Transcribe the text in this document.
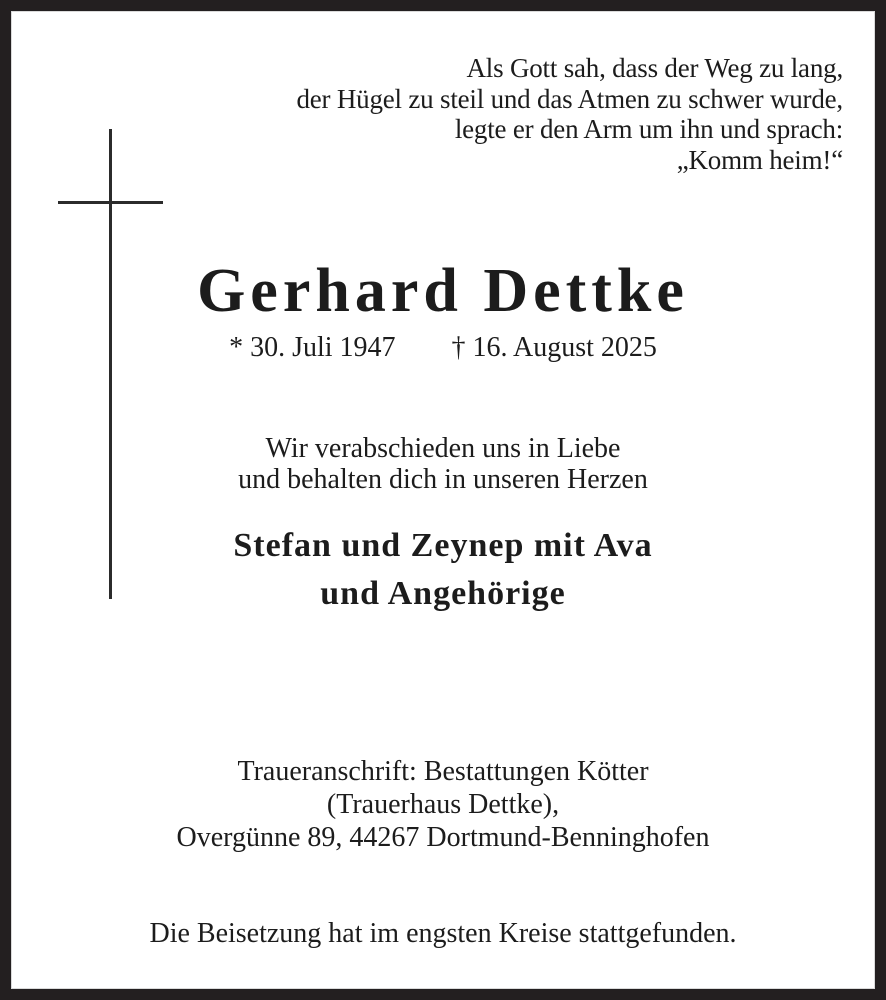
Als Gott sah, dass der Weg zu lang,
der Hügel zu steil und das Atmen zu schwer wurde,
legte er den Arm um ihn und sprach:
„Komm heim!“
Gerhard Dettke
* 30. Juli 1947 † 16. August 2025
Wir verabschieden uns in Liebe
und behalten dich in unseren Herzen
Stefan und Zeynep mit Ava
und Angehörige
Traueranschrift: Bestattungen Kötter
(Trauerhaus Dettke),
Overgünne 89, 44267 Dortmund-Benninghofen
Die Beisetzung hat im engsten Kreise stattgefunden.
